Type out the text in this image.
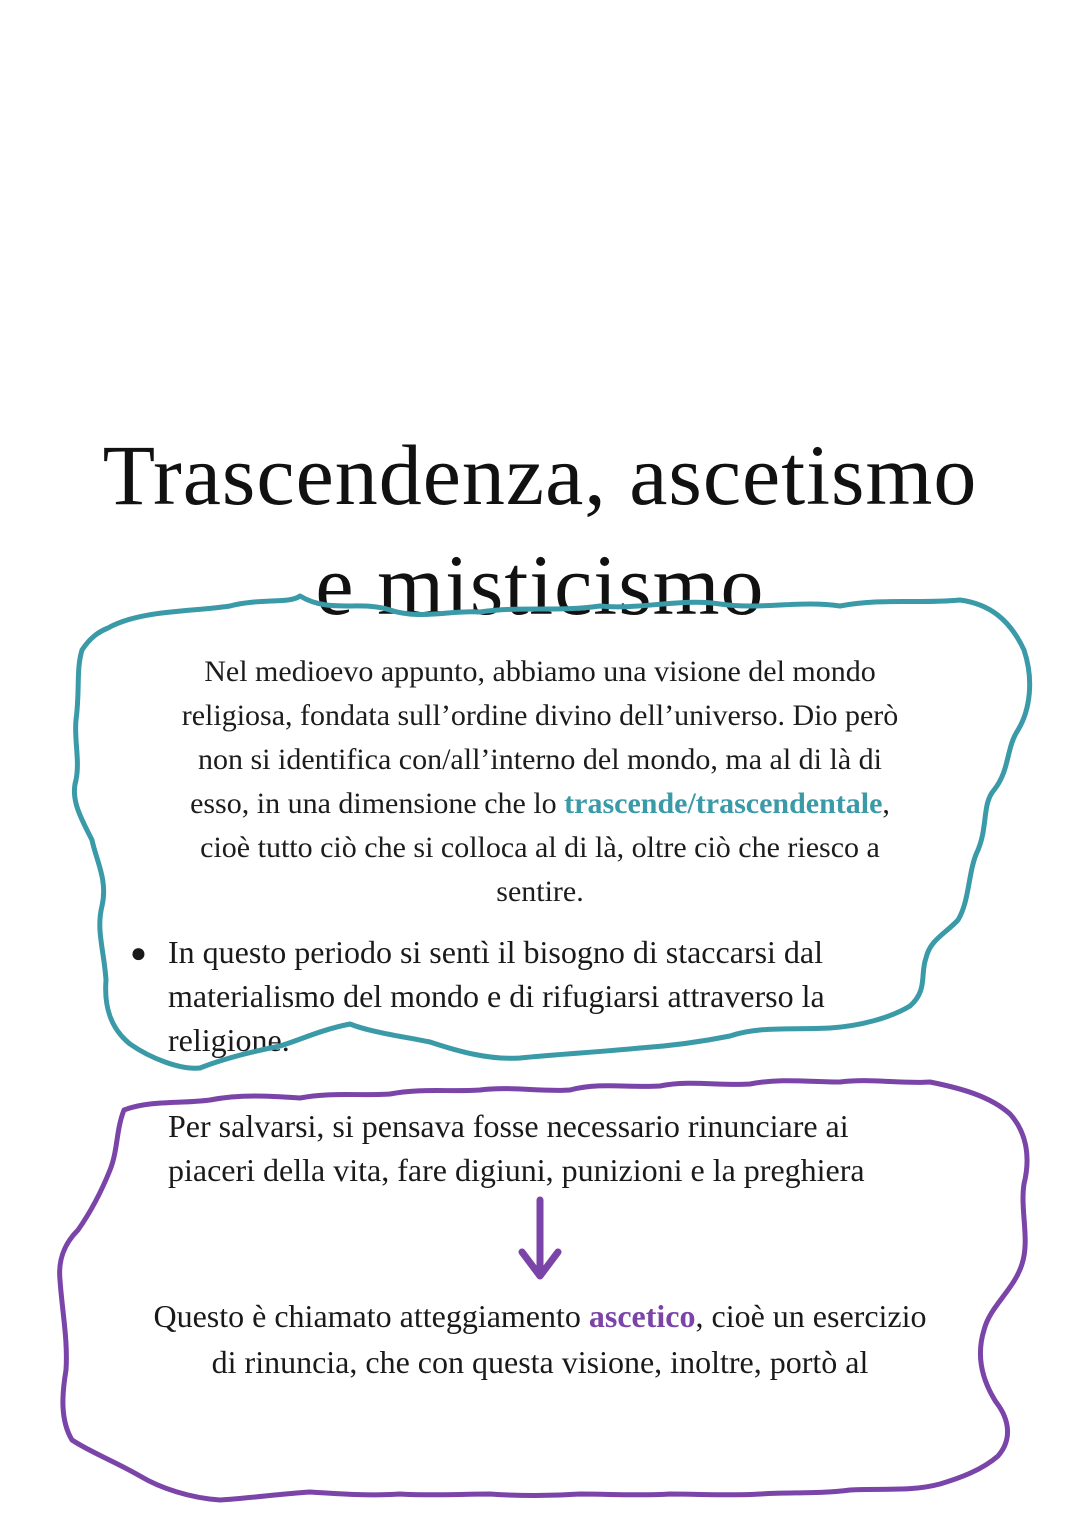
Trascendenza, ascetismo
e misticismo

Nel medioevo appunto, abbiamo una visione del mondo
religiosa, fondata sull’ordine divino dell’universo. Dio però
non si identifica con/all’interno del mondo, ma al di là di
esso, in una dimensione che lo trascende/trascendentale,
cioè tutto ciò che si colloca al di là, oltre ciò che riesco a
sentire.

● In questo periodo si sentì il bisogno di staccarsi dal
materialismo del mondo e di rifugiarsi attraverso la
religione.

Per salvarsi, si pensava fosse necessario rinunciare ai
piaceri della vita, fare digiuni, punizioni e la preghiera

Questo è chiamato atteggiamento ascetico, cioè un esercizio
di rinuncia, che con questa visione, inoltre, portò al
